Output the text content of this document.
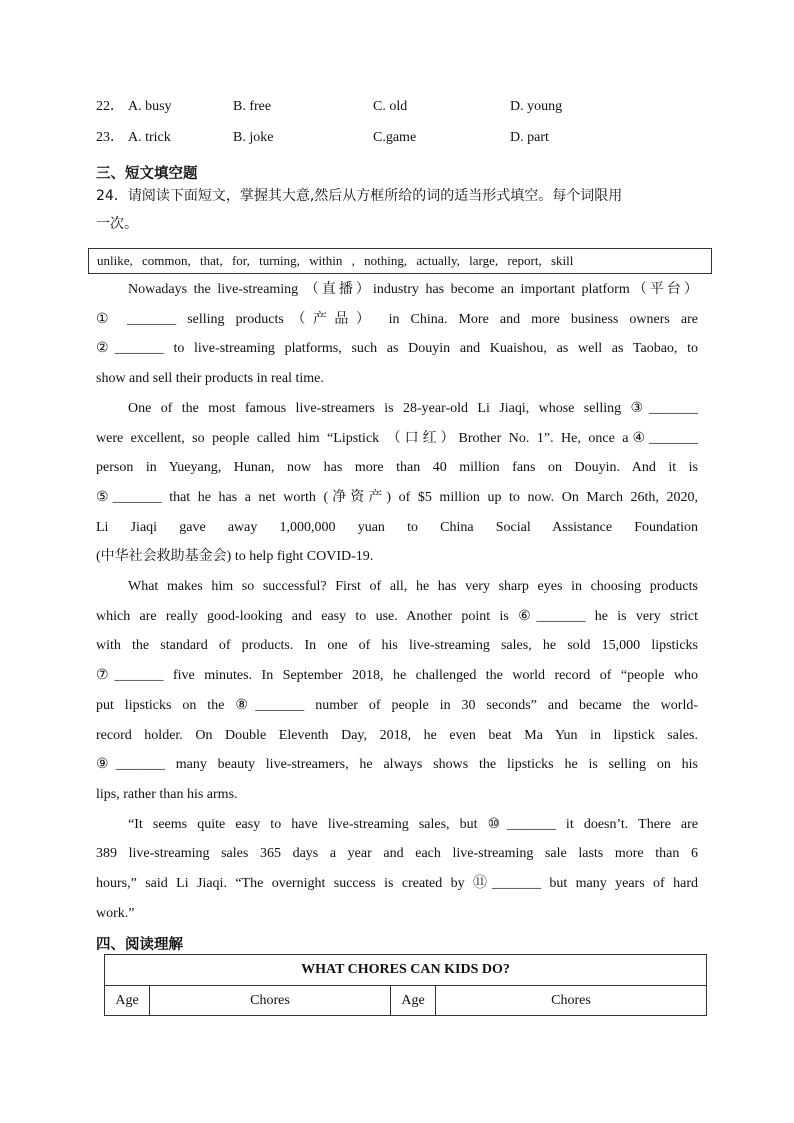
22． A. busy	B. free	C. old	D. young
23． A. trick	B. joke	C.game	D. part
三、短文填空题
24．请阅读下面短文，掌握其大意,然后从方框所给的词的适当形式填空。每个词限用
一次。
unlike, common, that, for, turning, within , nothing, actually, large, report, skill

Nowadays the live-streaming （直播）industry has become an important platform（平台）
① _______ selling products（产品） in China. More and more business owners are
②_______ to live-streaming platforms, such as Douyin and Kuaishou, as well as Taobao, to
show and sell their products in real time.

One of the most famous live-streamers is 28-year-old Li Jiaqi, whose selling ③_______
were excellent, so people called him “Lipstick （口红）Brother No. 1”. He, once a④_______
person in Yueyang, Hunan, now has more than 40 million fans on Douyin. And it is
⑤_______ that he has a net worth (净资产) of $5 million up to now. On March 26th, 2020,
Li Jiaqi gave away 1,000,000 yuan to China Social Assistance Foundation
(中华社会救助基金会) to help fight COVID-19.

What makes him so successful? First of all, he has very sharp eyes in choosing products
which are really good-looking and easy to use. Another point is ⑥_______ he is very strict
with the standard of products. In one of his live-streaming sales, he sold 15,000 lipsticks
⑦_______ five minutes. In September 2018, he challenged the world record of “people who
put lipsticks on the ⑧_______ number of people in 30 seconds” and became the world-
record holder. On Double Eleventh Day, 2018, he even beat Ma Yun in lipstick sales.
⑨_______ many beauty live-streamers, he always shows the lipsticks he is selling on his
lips, rather than his arms.

“It seems quite easy to have live-streaming sales, but ⑩_______ it doesn’t. There are
389 live-streaming sales 365 days a year and each live-streaming sale lasts more than 6
hours,” said Li Jiaqi. “The overnight success is created by ⑪_______ but many years of hard
work.”

四、阅读理解
WHAT CHORES CAN KIDS DO?
Age	Chores	Age	Chores
